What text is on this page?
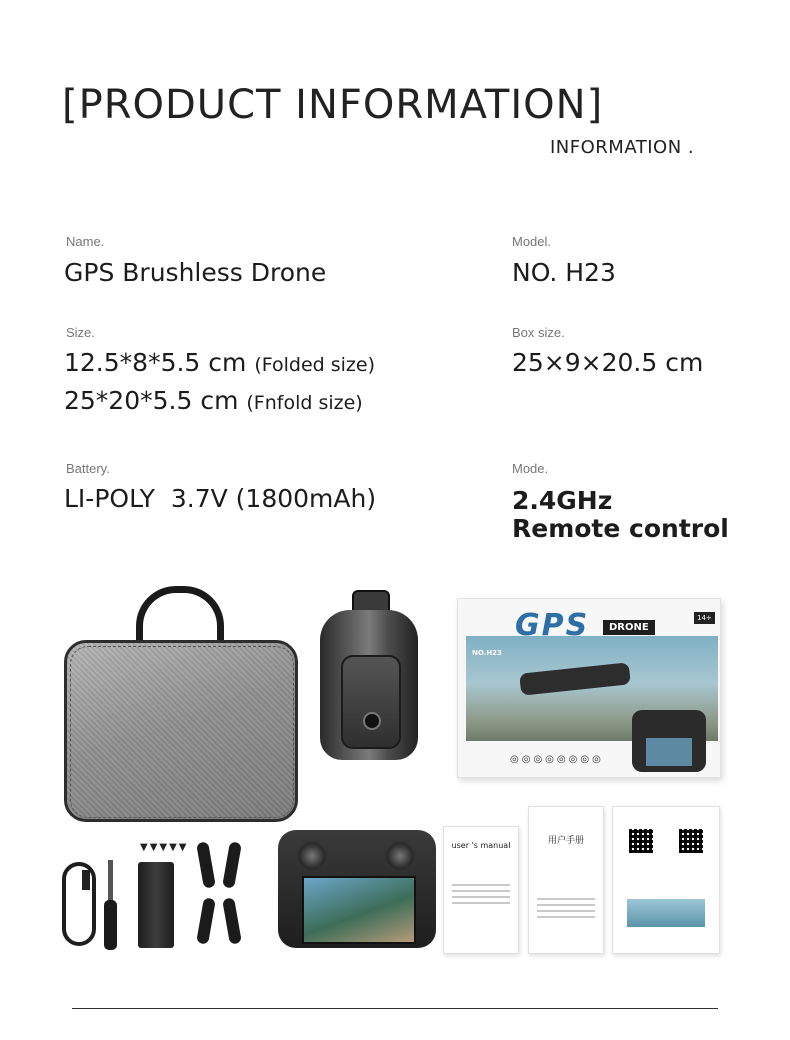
[PRODUCT INFORMATION]
INFORMATION .
Name.
GPS Brushless Drone
Model.
NO. H23
Size.
12.5*8*5.5 cm (Folded size)
25*20*5.5 cm (Fnfold size)
Box size.
25×9×20.5 cm
Battery.
LI-POLY  3.7V (1800mAh)
Mode.
2.4GHz
Remote control
GPS	DRONE
14+
NO.H23
◎◎◎◎◎◎◎◎
▼▼▼▼▼	user 's manual	用户手册
